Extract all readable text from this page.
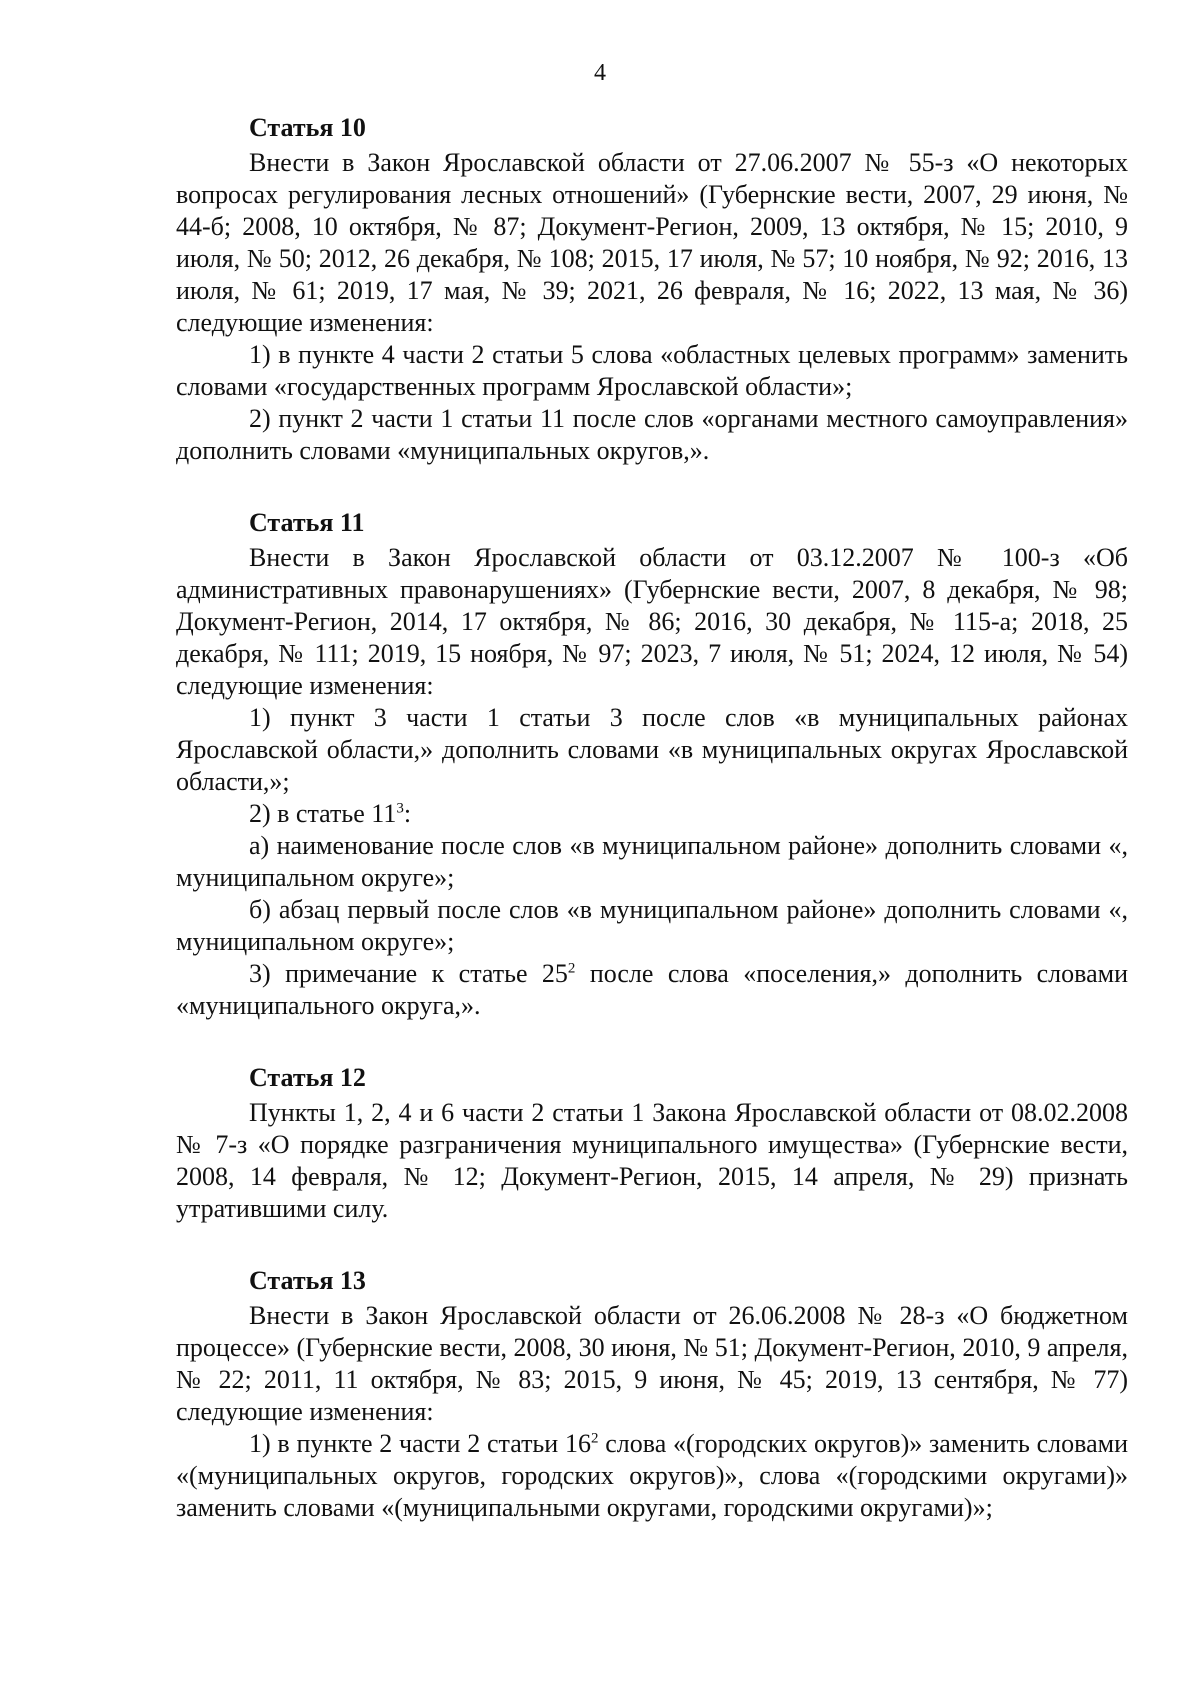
4
Статья 10

Внести в Закон Ярославской области от 27.06.2007 № 55-з «О некоторых вопросах регулирования лесных отношений» (Губернские вести, 2007, 29 июня, № 44-б; 2008, 10 октября, № 87; Документ-Регион, 2009, 13 октября, № 15; 2010, 9 июля, № 50; 2012, 26 декабря, № 108; 2015, 17 июля, № 57; 10 ноября, № 92; 2016, 13 июля, № 61; 2019, 17 мая, № 39; 2021, 26 февраля, № 16; 2022, 13 мая, № 36) следующие изменения:

1) в пункте 4 части 2 статьи 5 слова «областных целевых программ» заменить словами «государственных программ Ярославской области»;

2) пункт 2 части 1 статьи 11 после слов «органами местного самоуправления» дополнить словами «муниципальных округов,».

Статья 11

Внести в Закон Ярославской области от 03.12.2007 № 100-з «Об административных правонарушениях» (Губернские вести, 2007, 8 декабря, № 98; Документ-Регион, 2014, 17 октября, № 86; 2016, 30 декабря, № 115-а; 2018, 25 декабря, № 111; 2019, 15 ноября, № 97; 2023, 7 июля, № 51; 2024, 12 июля, № 54) следующие изменения:

1) пункт 3 части 1 статьи 3 после слов «в муниципальных районах Ярославской области,» дополнить словами «в муниципальных округах Ярославской области,»;

2) в статье $11^3$:

а) наименование после слов «в муниципальном районе» дополнить словами «, муниципальном округе»;

б) абзац первый после слов «в муниципальном районе» дополнить словами «, муниципальном округе»;

3) примечание к статье $25^2$ после слова «поселения,» дополнить словами «муниципального округа,».

Статья 12

Пункты 1, 2, 4 и 6 части 2 статьи 1 Закона Ярославской области от 08.02.2008 № 7-з «О порядке разграничения муниципального имущества» (Губернские вести, 2008, 14 февраля, № 12; Документ-Регион, 2015, 14 апреля, № 29) признать утратившими силу.

Статья 13

Внести в Закон Ярославской области от 26.06.2008 № 28-з «О бюджетном процессе» (Губернские вести, 2008, 30 июня, № 51; Документ-Регион, 2010, 9 апреля, № 22; 2011, 11 октября, № 83; 2015, 9 июня, № 45; 2019, 13 сентября, № 77) следующие изменения:

1) в пункте 2 части 2 статьи $16^2$ слова «(городских округов)» заменить словами «(муниципальных округов, городских округов)», слова «(городскими округами)» заменить словами «(муниципальными округами, городскими округами)»;
